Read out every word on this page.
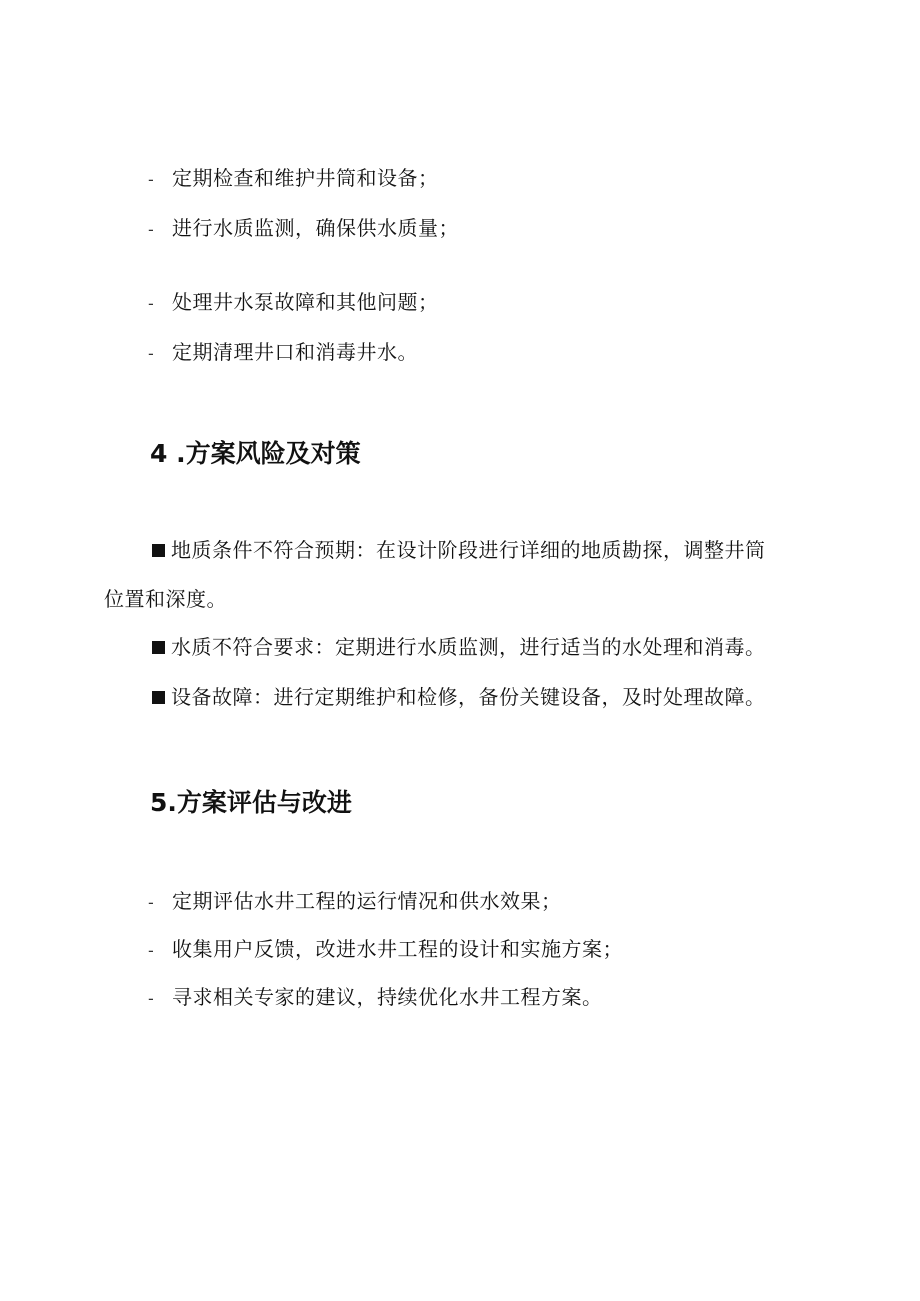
- 定期检查和维护井筒和设备；
- 进行水质监测，确保供水质量；
- 处理井水泵故障和其他问题；
- 定期清理井口和消毒井水。
4 .方案风险及对策
地质条件不符合预期：在设计阶段进行详细的地质勘探，调整井筒
位置和深度。
水质不符合要求：定期进行水质监测，进行适当的水处理和消毒。
设备故障：进行定期维护和检修，备份关键设备，及时处理故障。
5.方案评估与改进
- 定期评估水井工程的运行情况和供水效果；
- 收集用户反馈，改进水井工程的设计和实施方案；
- 寻求相关专家的建议，持续优化水井工程方案。
